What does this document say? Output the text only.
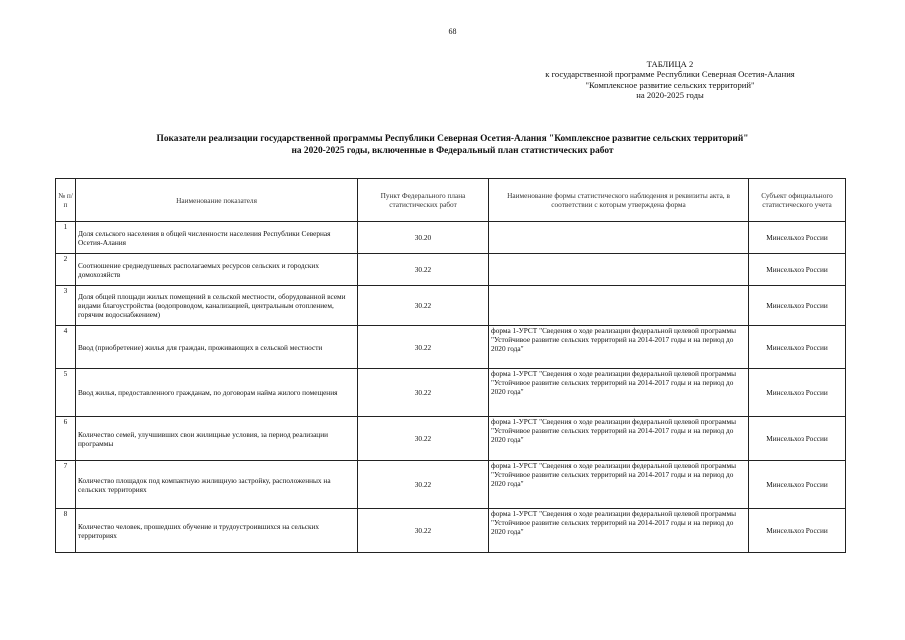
68
ТАБЛИЦА 2
к государственной программе Республики Северная Осетия-Алания
"Комплексное развитие сельских территорий"
на 2020-2025 годы
Показатели реализации государственной программы Республики Северная Осетия-Алания "Комплексное развитие сельских территорий"
на 2020-2025 годы, включенные в Федеральный план статистических работ
№ п/п	Наименование показателя	Пункт Федерального плана статистических работ	Наименование формы статистического наблюдения и реквизиты акта, в соответствии с которым утверждена форма	Субъект официального статистического учета
1	Доля сельского населения в общей численности населения Республики Северная Осетия-Алания	30.20		Минсельхоз России
2	Соотношение среднедушевых располагаемых ресурсов сельских и городских домохозяйств	30.22		Минсельхоз России
3	Доля общей площади жилых помещений в сельской местности, оборудованной всеми видами благоустройства (водопроводом, канализацией, центральным отоплением, горячим водоснабжением)	30.22		Минсельхоз России
4	Ввод (приобретение) жилья для граждан, проживающих в сельской местности	30.22	форма 1-УРСТ "Сведения о ходе реализации федеральной целевой программы "Устойчивое развитие сельских территорий на 2014-2017 годы и на период до 2020 года"	Минсельхоз России
5	Ввод жилья, предоставленного гражданам, по договорам найма жилого помещения	30.22	форма 1-УРСТ "Сведения о ходе реализации федеральной целевой программы "Устойчивое развитие сельских территорий на 2014-2017 годы и на период до 2020 года"	Минсельхоз России
6	Количество семей, улучшивших свои жилищные условия, за период реализации программы	30.22	форма 1-УРСТ "Сведения о ходе реализации федеральной целевой программы "Устойчивое развитие сельских территорий на 2014-2017 годы и на период до 2020 года"	Минсельхоз России
7	Количество площадок под компактную жилищную застройку, расположенных на сельских территориях	30.22	форма 1-УРСТ "Сведения о ходе реализации федеральной целевой программы "Устойчивое развитие сельских территорий на 2014-2017 годы и на период до 2020 года"	Минсельхоз России
8	Количество человек, прошедших обучение и трудоустроившихся на сельских территориях	30.22	форма 1-УРСТ "Сведения о ходе реализации федеральной целевой программы "Устойчивое развитие сельских территорий на 2014-2017 годы и на период до 2020 года"	Минсельхоз России
